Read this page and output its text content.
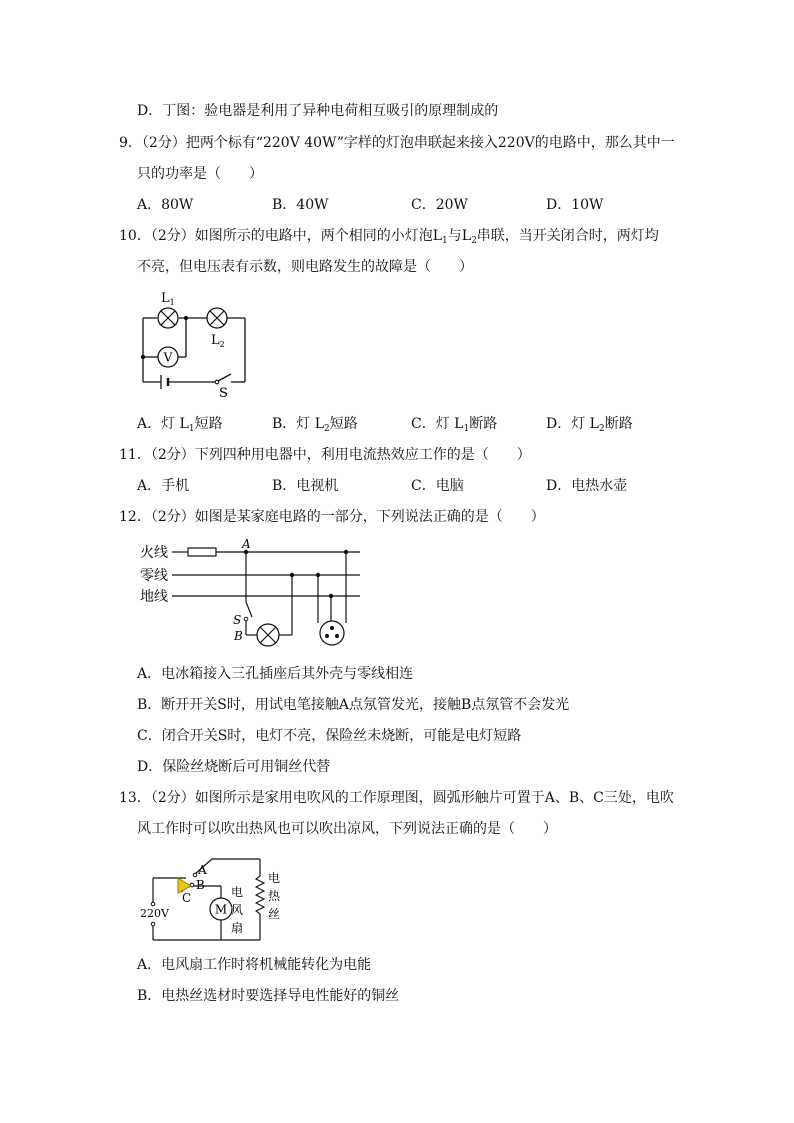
D．丁图：验电器是利用了异种电荷相互吸引的原理制成的
9．（2分）把两个标有“220V 40W”字样的灯泡串联起来接入220V的电路中，那么其中一
只的功率是（　　）
A．80W	B．40W	C．20W	D．10W
10．（2分）如图所示的电路中，两个相同的小灯泡$L_1$与$L_2$串联，当开关闭合时，两灯均
不亮，但电压表有示数，则电路发生的故障是（　　）
V
$L_1$
$L_2$
S
A．灯 $L_1$短路	B．灯 $L_2$短路	C．灯 $L_1$断路	D．灯 $L_2$断路
11．（2分）下列四种用电器中，利用电流热效应工作的是（　　）
A．手机	B．电视机	C．电脑	D．电热水壶
12．（2分）如图是某家庭电路的一部分，下列说法正确的是（　　）
火线
零线
地线
A
S
B
A．电冰箱接入三孔插座后其外壳与零线相连
B．断开开关S时，用试电笔接触A点氖管发光，接触B点氖管不会发光
C．闭合开关S时，电灯不亮，保险丝未烧断，可能是电灯短路
D．保险丝烧断后可用铜丝代替
13．（2分）如图所示是家用电吹风的工作原理图，圆弧形触片可置于A、B、C三处，电吹
风工作时可以吹出热风也可以吹出凉风，下列说法正确的是（　　）
220V
A
B
C
M
电
风
扇
电
热
丝
A．电风扇工作时将机械能转化为电能
B．电热丝选材时要选择导电性能好的铜丝
